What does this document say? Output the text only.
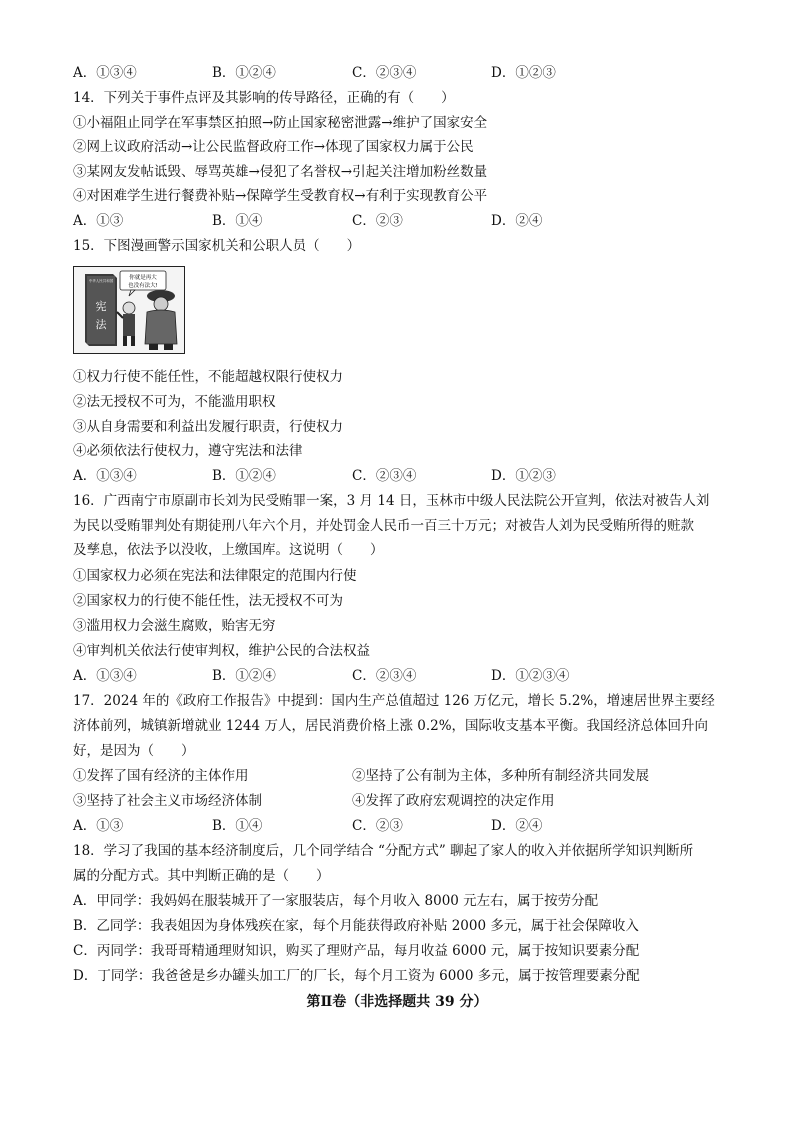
A．①③④	B．①②④	C．②③④	D．①②③
14．下列关于事件点评及其影响的传导路径，正确的有（　　）
①小福阻止同学在军事禁区拍照→防止国家秘密泄露→维护了国家安全
②网上议政府活动→让公民监督政府工作→体现了国家权力属于公民
③某网友发帖诋毁、辱骂英雄→侵犯了名誉权→引起关注增加粉丝数量
④对困难学生进行餐费补贴→保障学生受教育权→有利于实现教育公平
A．①③	B．①④	C．②③	D．②④
15．下图漫画警示国家机关和公职人员（　　）
中华人民共和国
宪
法
你就是再大
也没有法大!
①权力行使不能任性，不能超越权限行使权力
②法无授权不可为，不能滥用职权
③从自身需要和利益出发履行职责，行使权力
④必须依法行使权力，遵守宪法和法律
A．①③④	B．①②④	C．②③④	D．①②③
16．广西南宁市原副市长刘为民受贿罪一案，3 月 14 日，玉林市中级人民法院公开宣判，依法对被告人刘
为民以受贿罪判处有期徒刑八年六个月，并处罚金人民币一百三十万元；对被告人刘为民受贿所得的赃款
及孳息，依法予以没收，上缴国库。这说明（　　）
①国家权力必须在宪法和法律限定的范围内行使
②国家权力的行使不能任性，法无授权不可为
③滥用权力会滋生腐败，贻害无穷
④审判机关依法行使审判权，维护公民的合法权益
A．①③④	B．①②④	C．②③④	D．①②③④
17．2024 年的《政府工作报告》中提到：国内生产总值超过 126 万亿元，增长 5.2%，增速居世界主要经
济体前列，城镇新增就业 1244 万人，居民消费价格上涨 0.2%，国际收支基本平衡。我国经济总体回升向
好，是因为（　　）
①发挥了国有经济的主体作用	②坚持了公有制为主体，多种所有制经济共同发展
③坚持了社会主义市场经济体制	④发挥了政府宏观调控的决定作用
A．①③	B．①④	C．②③	D．②④
18．学习了我国的基本经济制度后，几个同学结合 “分配方式” 聊起了家人的收入并依据所学知识判断所
属的分配方式。其中判断正确的是（　　）
A．甲同学：我妈妈在服装城开了一家服装店，每个月收入 8000 元左右，属于按劳分配
B．乙同学：我表姐因为身体残疾在家，每个月能获得政府补贴 2000 多元，属于社会保障收入
C．丙同学：我哥哥精通理财知识，购买了理财产品，每月收益 6000 元，属于按知识要素分配
D．丁同学：我爸爸是乡办罐头加工厂的厂长，每个月工资为 6000 多元，属于按管理要素分配
第Ⅱ卷（非选择题共 39 分）
